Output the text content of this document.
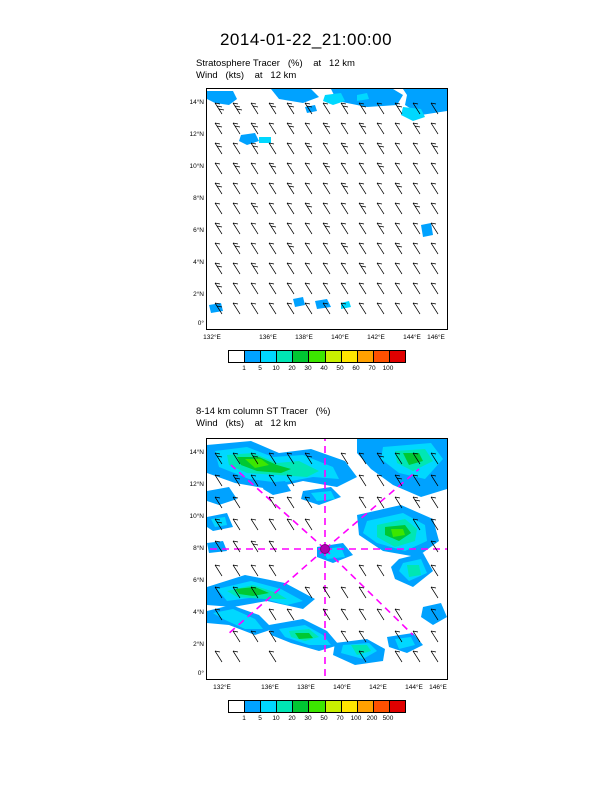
2014-01-22_21:00:00
Stratosphere Tracer   (%)    at   12 km
Wind   (kts)    at   12 km
14°N
12°N
10°N
8°N
6°N
4°N
2°N
0°
132°E	136°E	138°E	140°E	142°E	144°E 146°E
1 5 10 20 30 40 50 60 70 100
8-14 km column ST Tracer   (%)
Wind   (kts)    at   12 km
14°N
12°N
10°N
8°N
6°N
4°N
2°N
0°
132°E	136°E	138°E	140°E	142°E	144°E 146°E
1 5 10 20 30 50 70 100 200 500
